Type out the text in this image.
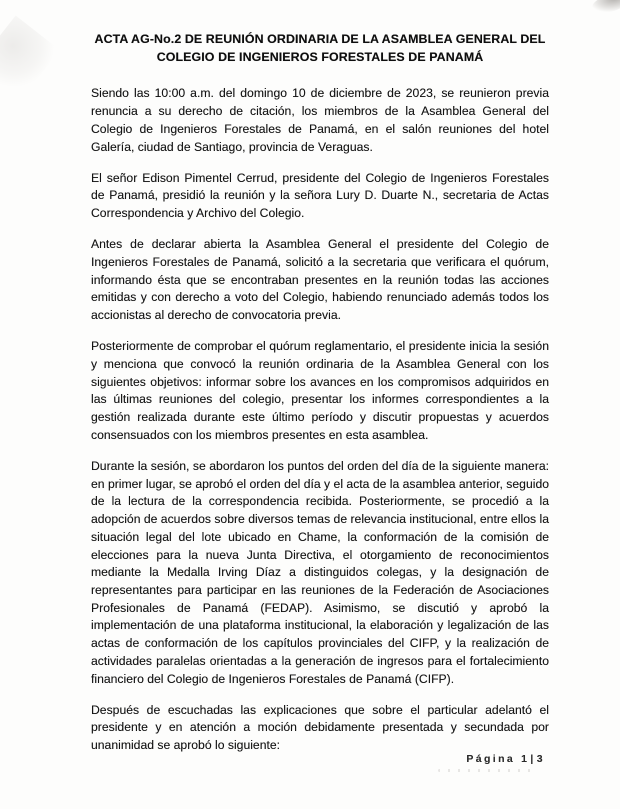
ACTA AG-No.2 DE REUNIÓN ORDINARIA DE LA ASAMBLEA GENERAL DEL COLEGIO DE INGENIEROS FORESTALES DE PANAMÁ

Siendo las 10:00 a.m. del domingo 10 de diciembre de 2023, se reunieron previa renuncia a su derecho de citación, los miembros de la Asamblea General del Colegio de Ingenieros Forestales de Panamá, en el salón reuniones del hotel Galería, ciudad de Santiago, provincia de Veraguas.

El señor Edison Pimentel Cerrud, presidente del Colegio de Ingenieros Forestales de Panamá, presidió la reunión y la señora Lury D. Duarte N., secretaria de Actas Correspondencia y Archivo del Colegio.

Antes de declarar abierta la Asamblea General el presidente del Colegio de Ingenieros Forestales de Panamá, solicitó a la secretaria que verificara el quórum, informando ésta que se encontraban presentes en la reunión todas las acciones emitidas y con derecho a voto del Colegio, habiendo renunciado además todos los accionistas al derecho de convocatoria previa.

Posteriormente de comprobar el quórum reglamentario, el presidente inicia la sesión y menciona que convocó la reunión ordinaria de la Asamblea General con los siguientes objetivos: informar sobre los avances en los compromisos adquiridos en las últimas reuniones del colegio, presentar los informes correspondientes a la gestión realizada durante este último período y discutir propuestas y acuerdos consensuados con los miembros presentes en esta asamblea.

Durante la sesión, se abordaron los puntos del orden del día de la siguiente manera: en primer lugar, se aprobó el orden del día y el acta de la asamblea anterior, seguido de la lectura de la correspondencia recibida. Posteriormente, se procedió a la adopción de acuerdos sobre diversos temas de relevancia institucional, entre ellos la situación legal del lote ubicado en Chame, la conformación de la comisión de elecciones para la nueva Junta Directiva, el otorgamiento de reconocimientos mediante la Medalla Irving Díaz a distinguidos colegas, y la designación de representantes para participar en las reuniones de la Federación de Asociaciones Profesionales de Panamá (FEDAP). Asimismo, se discutió y aprobó la implementación de una plataforma institucional, la elaboración y legalización de las actas de conformación de los capítulos provinciales del CIFP, y la realización de actividades paralelas orientadas a la generación de ingresos para el fortalecimiento financiero del Colegio de Ingenieros Forestales de Panamá (CIFP).

Después de escuchadas las explicaciones que sobre el particular adelantó el presidente y en atención a moción debidamente presentada y secundada por unanimidad se aprobó lo siguiente:

Página 1|3
